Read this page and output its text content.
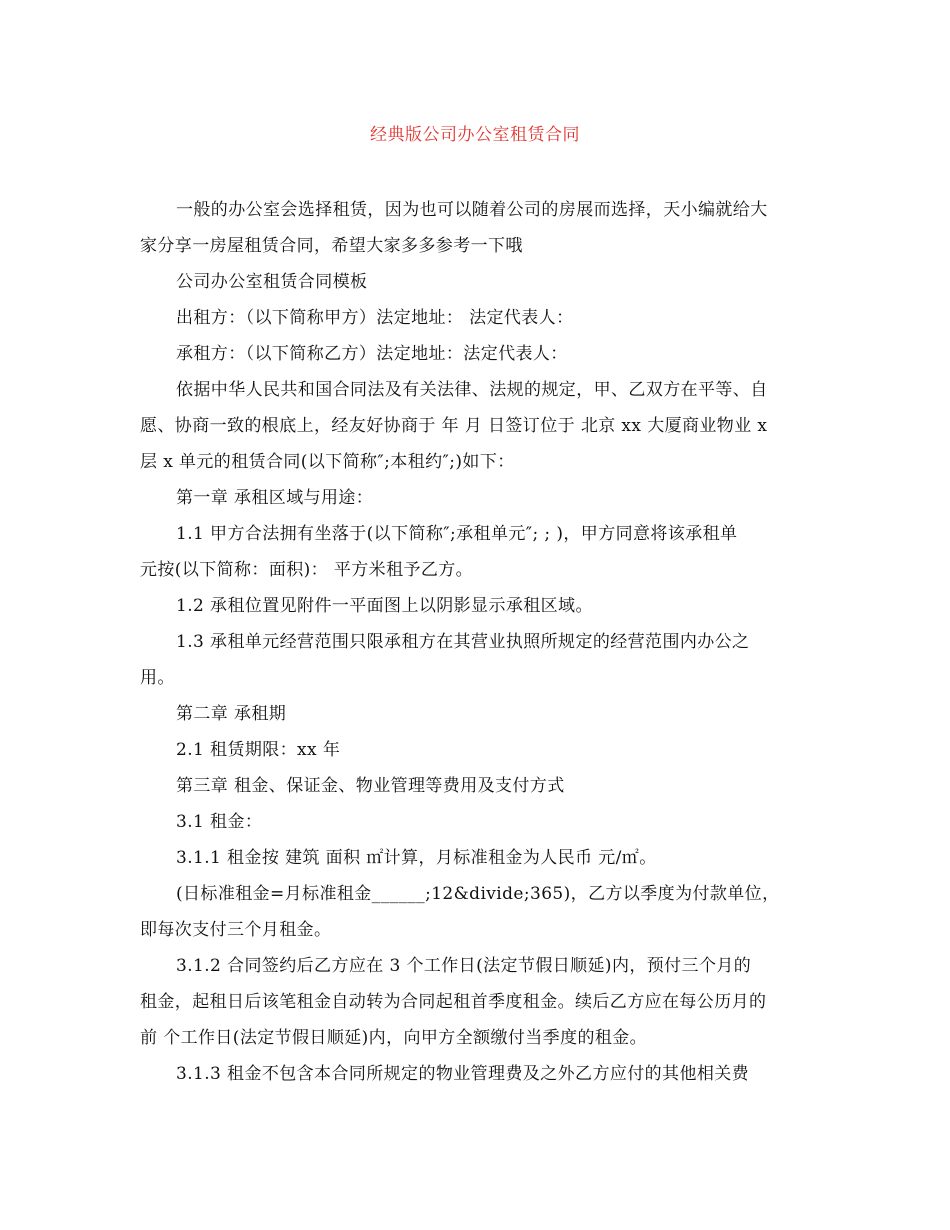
经典版公司办公室租赁合同
一般的办公室会选择租赁，因为也可以随着公司的房展而选择，天小编就给大
家分享一房屋租赁合同，希望大家多多参考一下哦
公司办公室租赁合同模板
出租方：（以下简称甲方）法定地址： 法定代表人：
承租方：（以下简称乙方）法定地址：法定代表人：
依据中华人民共和国合同法及有关法律、法规的规定，甲、乙双方在平等、自
愿、协商一致的根底上，经友好协商于 年 月 日签订位于 北京 xx 大厦商业物业 x
层 x 单元的租赁合同(以下简称″;本租约″;)如下：
第一章 承租区域与用途：
1.1 甲方合法拥有坐落于(以下简称″;承租单元″; ; )，甲方同意将该承租单
元按(以下简称：面积)： 平方米租予乙方。
1.2 承租位置见附件一平面图上以阴影显示承租区域。
1.3 承租单元经营范围只限承租方在其营业执照所规定的经营范围内办公之
用。
第二章 承租期
2.1 租赁期限：xx 年
第三章 租金、保证金、物业管理等费用及支付方式
3.1 租金：
3.1.1 租金按 建筑 面积 ㎡计算，月标准租金为人民币 元/㎡。
(日标准租金=月标准租金______;12&divide;365)，乙方以季度为付款单位，
即每次支付三个月租金。
3.1.2 合同签约后乙方应在 3 个工作日(法定节假日顺延)内，预付三个月的
租金，起租日后该笔租金自动转为合同起租首季度租金。续后乙方应在每公历月的
前 个工作日(法定节假日顺延)内，向甲方全额缴付当季度的租金。
3.1.3 租金不包含本合同所规定的物业管理费及之外乙方应付的其他相关费
